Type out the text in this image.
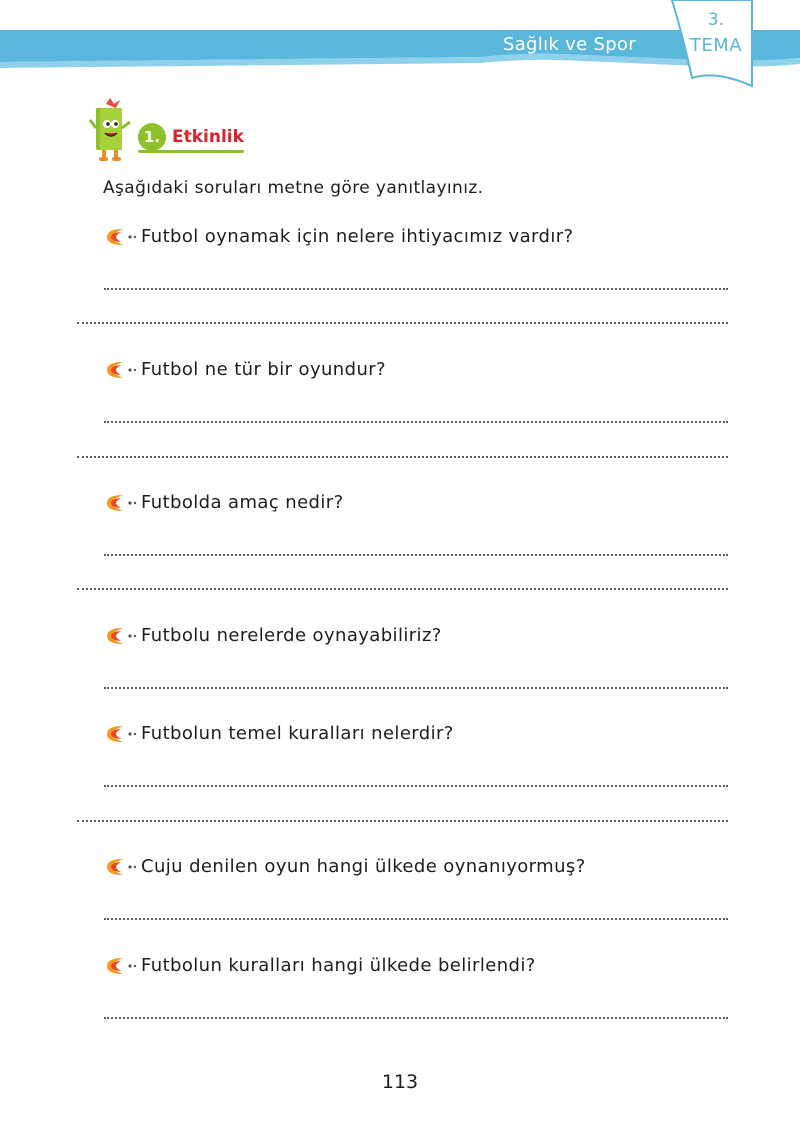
Sağlık ve Spor
3.
TEMA
1. Etkinlik
Aşağıdaki soruları metne göre yanıtlayınız.
Futbol oynamak için nelere ihtiyacımız vardır?
Futbol ne tür bir oyundur?
Futbolda amaç nedir?
Futbolu nerelerde oynayabiliriz?
Futbolun temel kuralları nelerdir?
Cuju denilen oyun hangi ülkede oynanıyormuş?
Futbolun kuralları hangi ülkede belirlendi?
113
